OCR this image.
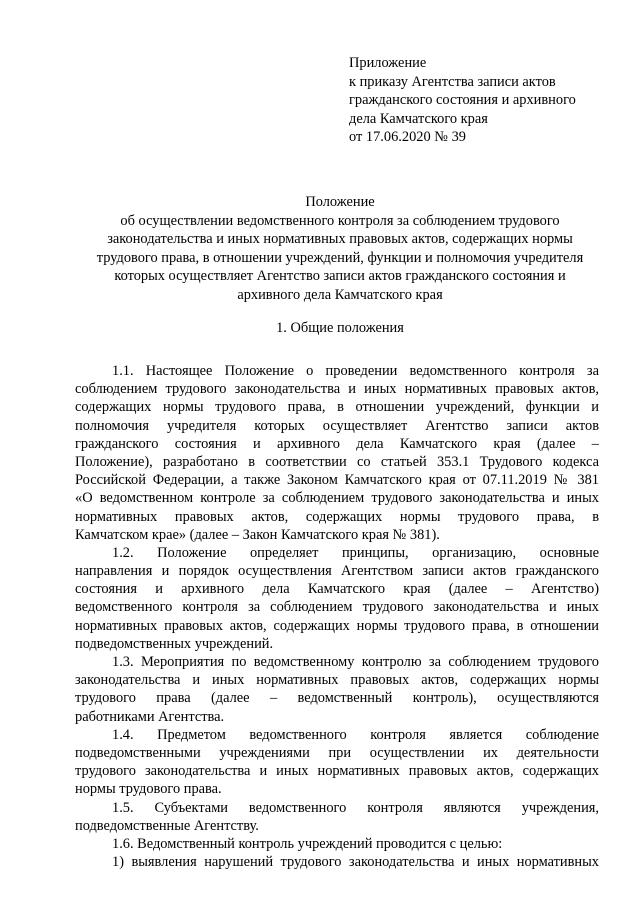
Приложение
к приказу Агентства записи актов
гражданского состояния и архивного
дела Камчатского края
от 17.06.2020 № 39
Положение
об осуществлении ведомственного контроля за соблюдением трудового
законодательства и иных нормативных правовых актов, содержащих нормы
трудового права, в отношении учреждений, функции и полномочия учредителя
которых осуществляет Агентство записи актов гражданского состояния и
архивного дела Камчатского края
1. Общие положения
1.1. Настоящее Положение о проведении ведомственного контроля за
соблюдением трудового законодательства и иных нормативных правовых актов,
содержащих нормы трудового права, в отношении учреждений, функции и
полномочия учредителя которых осуществляет Агентство записи актов
гражданского состояния и архивного дела Камчатского края (далее –
Положение), разработано в соответствии со статьей 353.1 Трудового кодекса
Российской Федерации, а также Законом Камчатского края от 07.11.2019 № 381
«О ведомственном контроле за соблюдением трудового законодательства и иных
нормативных правовых актов, содержащих нормы трудового права, в
Камчатском крае» (далее – Закон Камчатского края № 381).
1.2. Положение определяет принципы, организацию, основные
направления и порядок осуществления Агентством записи актов гражданского
состояния и архивного дела Камчатского края (далее – Агентство)
ведомственного контроля за соблюдением трудового законодательства и иных
нормативных правовых актов, содержащих нормы трудового права, в отношении
подведомственных учреждений.
1.3. Мероприятия по ведомственному контролю за соблюдением трудового
законодательства и иных нормативных правовых актов, содержащих нормы
трудового права (далее – ведомственный контроль), осуществляются
работниками Агентства.
1.4. Предметом ведомственного контроля является соблюдение
подведомственными учреждениями при осуществлении их деятельности
трудового законодательства и иных нормативных правовых актов, содержащих
нормы трудового права.
1.5. Субъектами ведомственного контроля являются учреждения,
подведомственные Агентству.
1.6. Ведомственный контроль учреждений проводится с целью:
1) выявления нарушений трудового законодательства и иных нормативных
